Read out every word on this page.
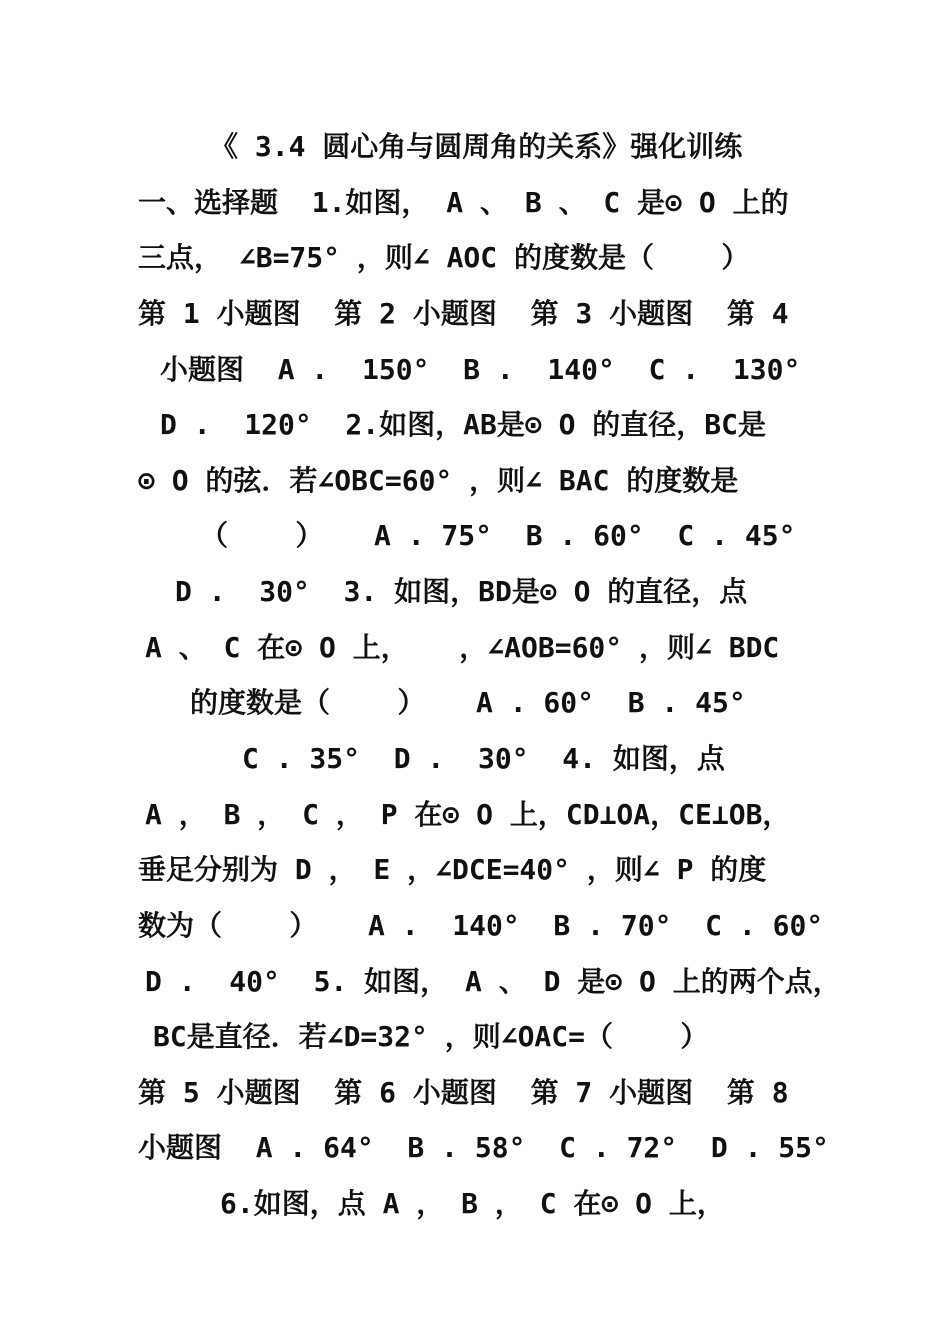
《 3.4 圆心角与圆周角的关系》强化训练
一、选择题  1.如图， A 、 B 、 C 是⊙ O 上的
三点， ∠B=75° ，则∠ AOC 的度数是（    ）
第 1 小题图  第 2 小题图  第 3 小题图  第 4
小题图  A .  150°  B .  140°  C .  130°
D .  120°  2.如图，AB是⊙ O 的直径，BC是
⊙ O 的弦．若∠OBC=60° ，则∠ BAC 的度数是
（    ）   A . 75°  B . 60°  C . 45°
D .  30°  3. 如图，BD是⊙ O 的直径，点
A 、 C 在⊙ O 上，   ，∠AOB=60° ，则∠ BDC
的度数是（    ）   A . 60°  B . 45°
C . 35°  D .  30°  4. 如图，点
A ， B ， C ， P 在⊙ O 上，CD⊥OA，CE⊥OB，
垂足分别为 D ， E ，∠DCE=40° ，则∠ P 的度
数为（    ）   A .  140°  B . 70°  C . 60°
D .  40°  5. 如图， A 、 D 是⊙ O 上的两个点，
BC是直径．若∠D=32° ，则∠OAC=（    ）
第 5 小题图  第 6 小题图  第 7 小题图  第 8
小题图  A . 64°  B . 58°  C . 72°  D . 55°
6.如图，点 A ， B ， C 在⊙ O 上，
